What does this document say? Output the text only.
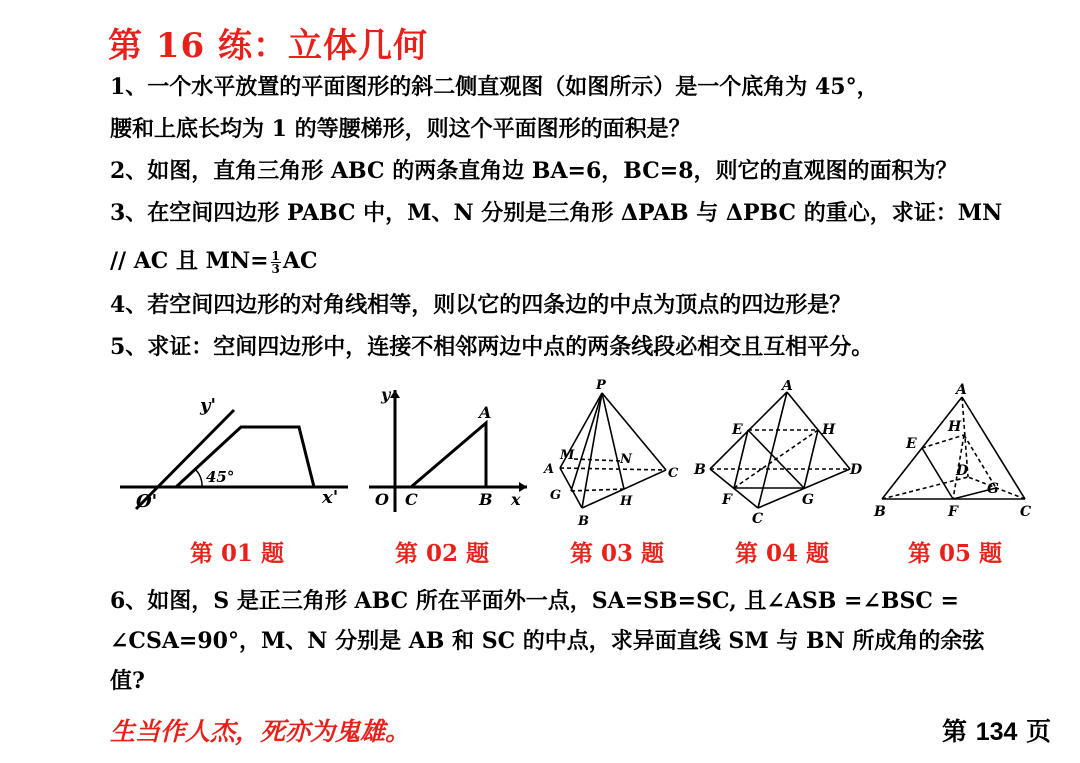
第 16 练：立体几何
1、一个水平放置的平面图形的斜二侧直观图（如图所示）是一个底角为 45°，
腰和上底长均为 1 的等腰梯形，则这个平面图形的面积是？
2、如图，直角三角形 ABC 的两条直角边 BA=6，BC=8，则它的直观图的面积为？
3、在空间四边形 PABC 中，M、N 分别是三角形 ΔPAB 与 ΔPBC 的重心，求证：MN
// AC 且 $MN= \frac{1}{3}$ AC
4、若空间四边形的对角线相等，则以它的四条边的中点为顶点的四边形是？
5、求证：空间四边形中，连接不相邻两边中点的两条线段必相交且互相平分。
45°
y'
x'
O'
y
x
O C	B
A
P
A
B
C
M	N
G	H
A
B
C
D
E
F	G
H
A
B	C
D
E
F
G
H
第 01 题	第 02 题	第 03 题	第 04 题	第 05 题
6、如图，S 是正三角形 ABC 所在平面外一点，SA=SB=SC, 且∠ASB =∠BSC =
∠CSA=90°，M、N 分别是 AB 和 SC 的中点，求异面直线 SM 与 BN 所成角的余弦
值?
生当作人杰，死亦为鬼雄。	第 134 页
